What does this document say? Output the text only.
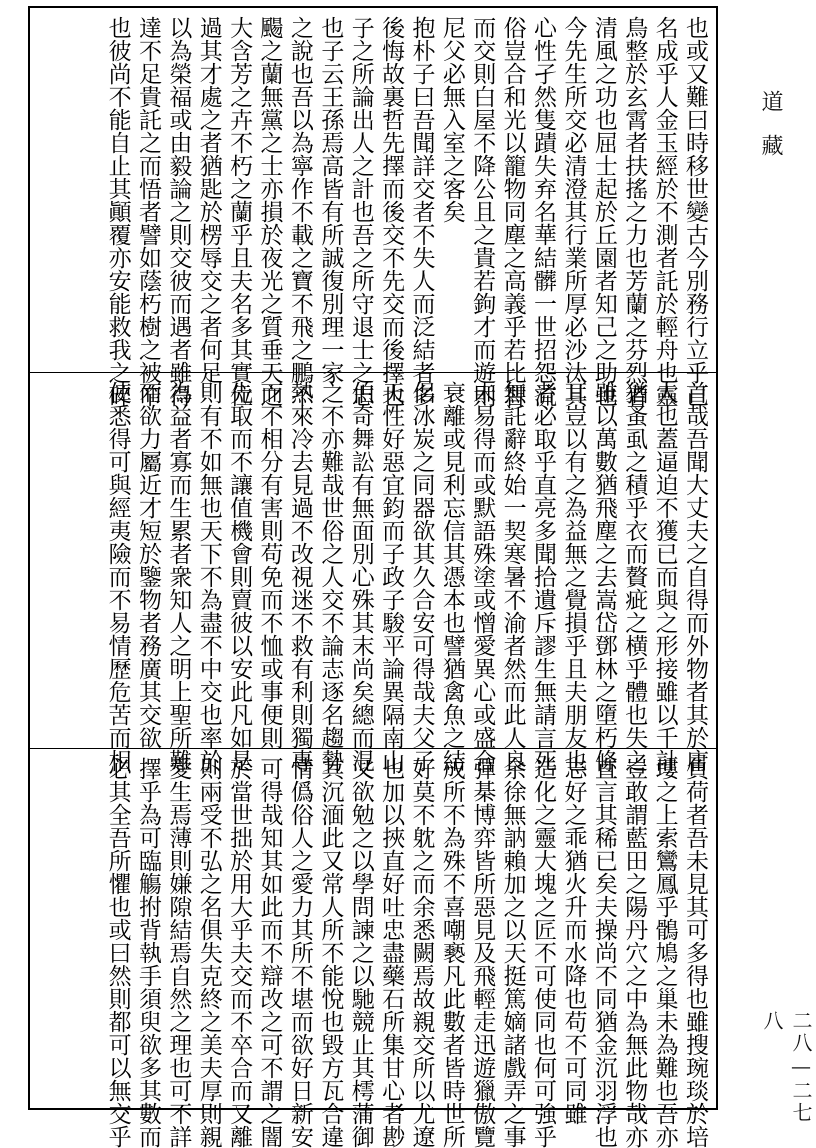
也或又難曰時移世變古今別務行立乎己
名成乎人金玉經於不測者託於輕舟也靈
鳥整於玄霄者扶搖之力也芳蘭之芬烈者
清風之功也屈士起於丘園者知己之助也
今先生所交必清澄其行業所厚必沙汰其
心性孑然隻蹟失弃名華結髒一世招怨流
俗豈合和光以籠物同塵之高義乎若比智
而交則白屋不降公且之貴若鉤才而遊則
尼父必無入室之客矣
抱朴子曰吾聞詳交者不失人而泛結者多
後悔故裏哲先擇而後交不先交而後擇也
子之所論出人之計也吾之所守退士之志
也子云王孫焉高皆有所誠復別理一家
之說也吾以為寧作不載之寶不飛之鵬不
颺之蘭無黨之士亦損於夜光之質垂天之
大含芳之卉不朽之蘭乎且夫名多其實位
過其才處之者猶匙於楞辱交之者何足
以為榮福或由毅論之則交彼而遇者雖得
達不足貴託之而悟者譬如蔭朽樹之被笮
也彼尚不能自止其顚覆亦安能救我之碎
首哉吾聞大丈夫之自得而外物者其於庸
人也蓋逼迫不獲已而與之形接雖以千計
猶蚤虱之積乎衣而贅疵之横乎體也失之
雖以萬數猶飛塵之去嵩岱鄧林之墮朽條
耳豈以有之為益無之覺損乎且夫朋友也
者必取乎直亮多聞拾遺斥謬生無請言死
無託辭終始一契寒暑不渝者然而此人良
未易得而或默語殊塗或憎愛異心或盛合
衰離或見利忘信其憑本也譬猶禽魚之結
侶冰炭之同器欲其久合安可得哉夫父子
天性好惡宜鈞而子政子駿平論異隔南山
伯奇舞訟有無面別心殊其末尚矣總而混
之不亦難哉世俗之人交不論志逐名趨勢
熱來冷去見過不改視迷不救有利則獨專
而不相分有害則苟免而不恤或事便則
先取而不讓值機會則賣彼以安此凡如是
則有不如無也天下不為盡不中交也率於
為益者寡而生累者衆知人之明上聖所難
而欲力屬近才短於鑒物者務廣其交欲
使悉得可與經夷險而不易情歷危苦而相
負荷者吾未見其可多得也雖搜琬琰於培
塿之上索鸞鳳乎鶻鳩之巢未為難也吾亦
豈敢謂藍田之陽丹穴之中為無此物哉亦
直言其稀已矣夫操尚不同猶金沉羽浮也
志好之乖猶火升而水降也苟不可同雖
造化之靈大塊之匠不可使同也何可強乎
余徐無訥賴加之以天挺篤嫡諸戲弄之事
彈棊博弈皆所惡見及飛輕走迅遊獵傲覽
成所不為殊不喜嘲褻凡此數者皆時世所
好莫不躭之而余悉闕焉故親交所以尤遼
也加以挾直好吐忠盡藥石所集甘心者尠
又欲勉之以學問諫之以馳競止其樗蒲御
其沉湎此又常人所不能悅也毀方瓦合違
情僞俗人之愛力其所不堪而欲好日新安
可得哉知其如此而不辯改之可不謂之闇
於當世拙於用大乎夫交而不卒合而又離
則兩受不弘之名俱失克終之美夫厚則親
愛生焉薄則嫌隙結焉自然之理也可不詳
擇乎為可臨觴拊背執手須臾欲多其數而
必其全吾所懼也或曰然則都可以無交乎
道藏
二八—二七八
